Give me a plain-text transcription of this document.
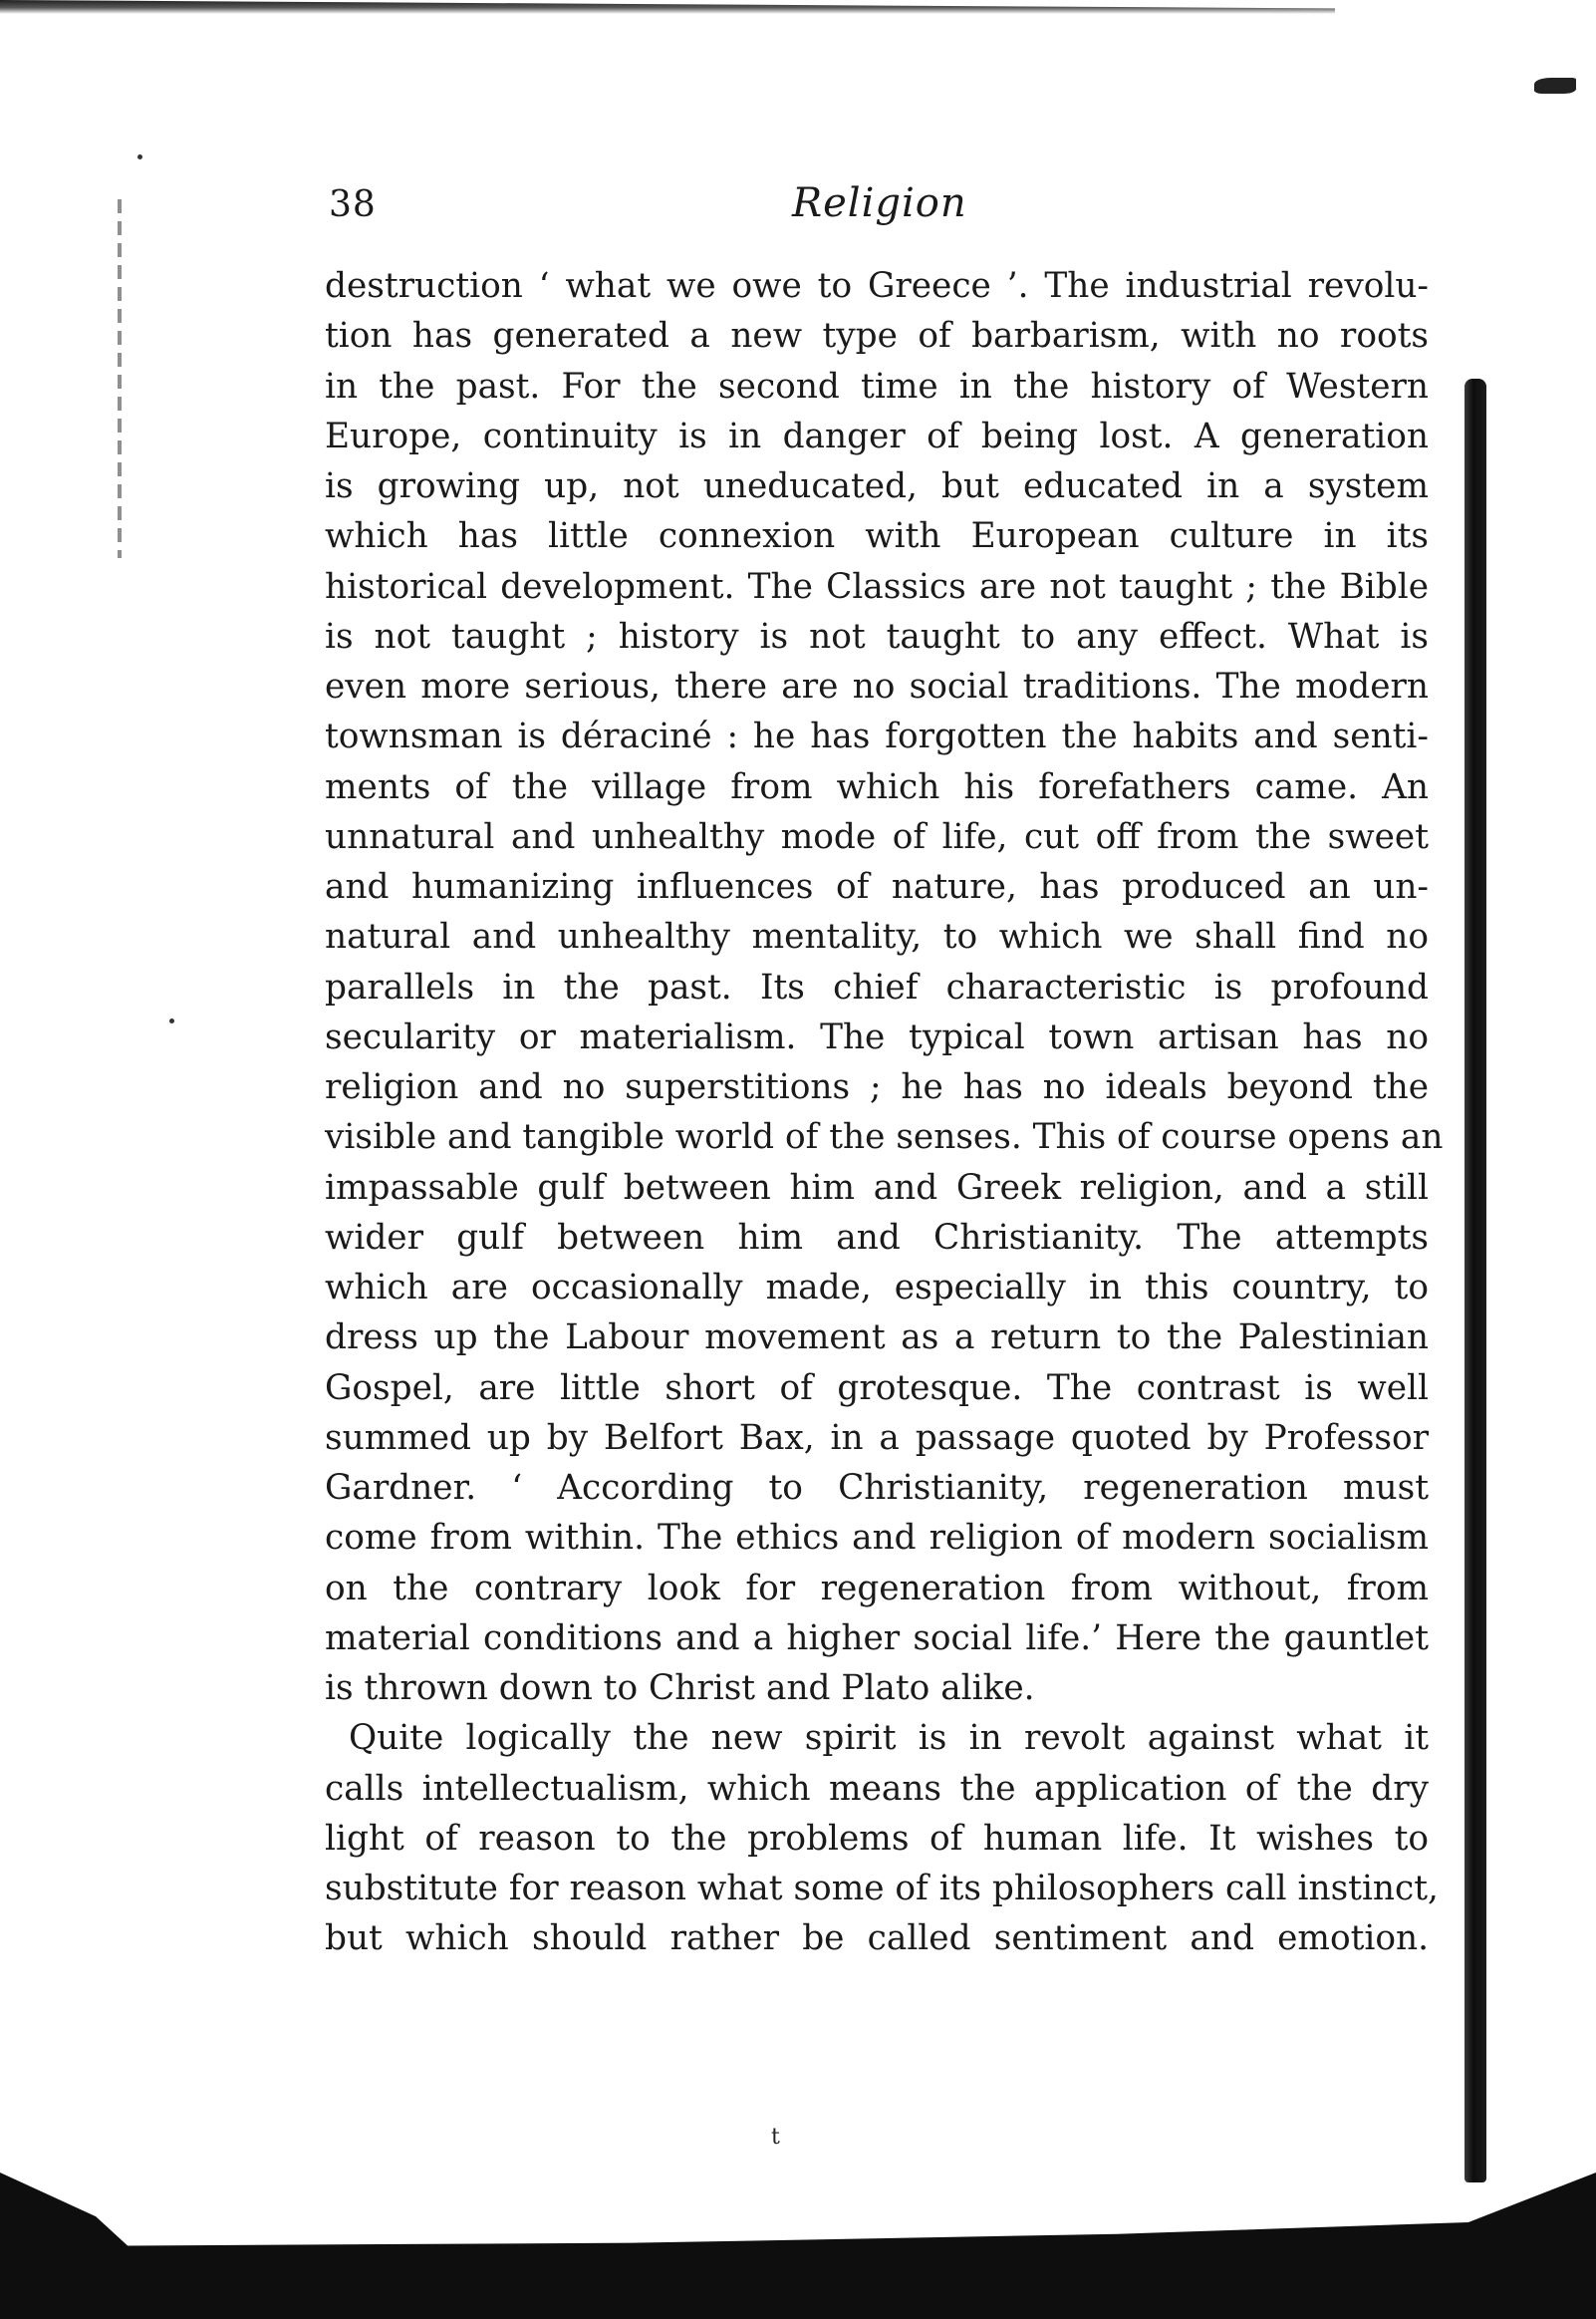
38	Religion
destruction ‘ what we owe to Greece ’. The industrial revolu-
tion has generated a new type of barbarism, with no roots
in the past. For the second time in the history of Western
Europe, continuity is in danger of being lost. A generation
is growing up, not uneducated, but educated in a system
which has little connexion with European culture in its
historical development. The Classics are not taught ; the Bible
is not taught ; history is not taught to any effect. What is
even more serious, there are no social traditions. The modern
townsman is déraciné : he has forgotten the habits and senti-
ments of the village from which his forefathers came. An
unnatural and unhealthy mode of life, cut off from the sweet
and humanizing influences of nature, has produced an un-
natural and unhealthy mentality, to which we shall find no
parallels in the past. Its chief characteristic is profound
secularity or materialism. The typical town artisan has no
religion and no superstitions ; he has no ideals beyond the
visible and tangible world of the senses. This of course opens an
impassable gulf between him and Greek religion, and a still
wider gulf between him and Christianity. The attempts
which are occasionally made, especially in this country, to
dress up the Labour movement as a return to the Palestinian
Gospel, are little short of grotesque. The contrast is well
summed up by Belfort Bax, in a passage quoted by Professor
Gardner. ‘ According to Christianity, regeneration must
come from within. The ethics and religion of modern socialism
on the contrary look for regeneration from without, from
material conditions and a higher social life.’ Here the gauntlet
is thrown down to Christ and Plato alike.
Quite logically the new spirit is in revolt against what it
calls intellectualism, which means the application of the dry
light of reason to the problems of human life. It wishes to
substitute for reason what some of its philosophers call instinct,
but which should rather be called sentiment and emotion.
t
